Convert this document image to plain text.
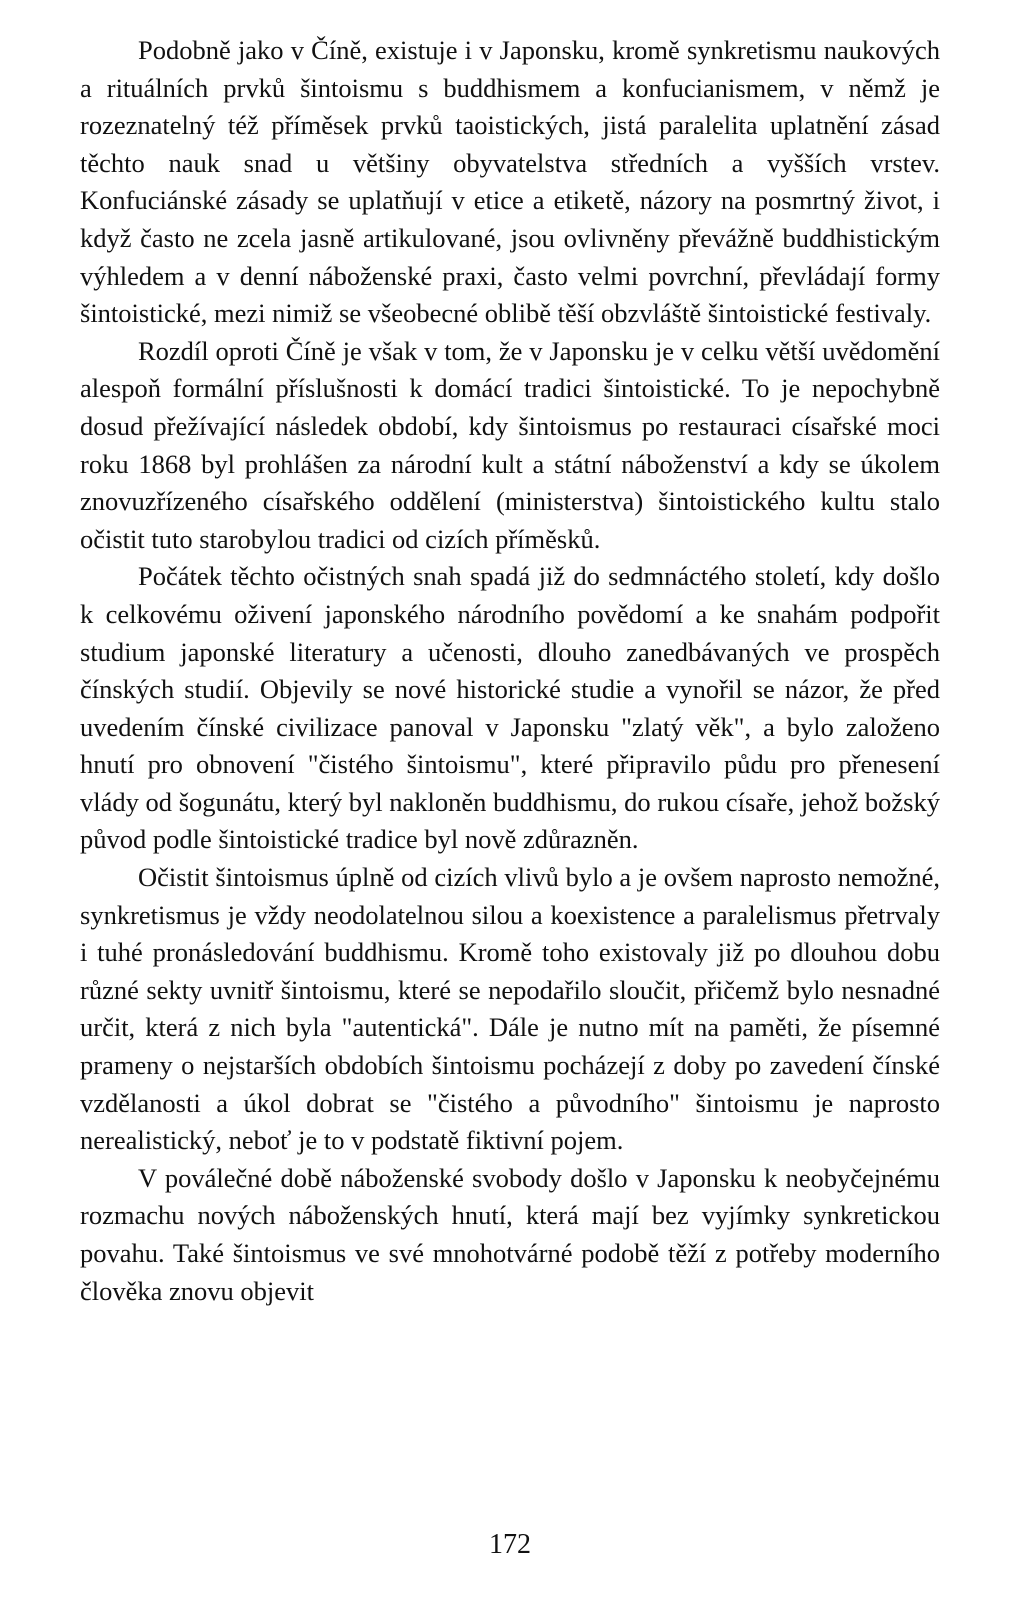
Podobně jako v Číně, existuje i v Japonsku, kromě synkretismu naukových a rituálních prvků šintoismu s buddhismem a konfucianismem, v němž je rozeznatelný též příměsek prvků taoistických, jistá paralelita uplatnění zásad těchto nauk snad u většiny obyvatelstva středních a vyšších vrstev. Konfuciánské zásady se uplatňují v etice a etiketě, názory na posmrtný život, i když často ne zcela jasně artikulované, jsou ovlivněny převážně buddhistickým výhledem a v denní náboženské praxi, často velmi povrchní, převládají formy šintoistické, mezi nimiž se všeobecné oblibě těší obzvláště šintoistické festivaly.

Rozdíl oproti Číně je však v tom, že v Japonsku je v celku větší uvědomění alespoň formální příslušnosti k domácí tradici šintoistické. To je nepochybně dosud přežívající následek období, kdy šintoismus po restauraci císařské moci roku 1868 byl prohlášen za národní kult a státní náboženství a kdy se úkolem znovuzřízeného císařského oddělení (ministerstva) šintoistického kultu stalo očistit tuto starobylou tradici od cizích příměsků.

Počátek těchto očistných snah spadá již do sedmnáctého století, kdy došlo k celkovému oživení japonského národního povědomí a ke snahám podpořit studium japonské literatury a učenosti, dlouho zanedbávaných ve prospěch čínských studií. Objevily se nové historické studie a vynořil se názor, že před uvedením čínské civilizace panoval v Japonsku "zlatý věk", a bylo založeno hnutí pro obnovení "čistého šintoismu", které připravilo půdu pro přenesení vlády od šogunátu, který byl nakloněn buddhismu, do rukou císaře, jehož božský původ podle šintoistické tradice byl nově zdůrazněn.

Očistit šintoismus úplně od cizích vlivů bylo a je ovšem naprosto nemožné, synkretismus je vždy neodolatelnou silou a koexistence a paralelismus přetrvaly i tuhé pronásledování buddhismu. Kromě toho existovaly již po dlouhou dobu různé sekty uvnitř šintoismu, které se nepodařilo sloučit, přičemž bylo nesnadné určit, která z nich byla "autentická". Dále je nutno mít na paměti, že písemné prameny o nejstarších obdobích šintoismu pocházejí z doby po zavedení čínské vzdělanosti a úkol dobrat se "čistého a původního" šintoismu je naprosto nerealistický, neboť je to v podstatě fiktivní pojem.

V poválečné době náboženské svobody došlo v Japonsku k neobyčejnému rozmachu nových náboženských hnutí, která mají bez vyjímky synkretickou povahu. Také šintoismus ve své mnohotvárné podobě těží z potřeby moderního člověka znovu objevit

172
